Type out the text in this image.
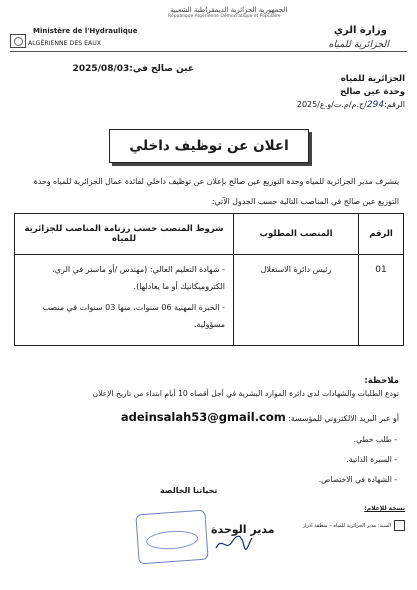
الجمهورية الجزائرية الديمقراطية الشعبية
République Algérienne Démocratique et Populaire
Ministère de l'Hydraulique	وزارة الري
ALGÉRIENNE DES EAUX	الجزائرية للمياه
عين صالح في:2025/08/03
الجزائرية للمياه
وحدة عين صالح
الرقم:294/ج.م/م.ت/و.ع/2025
اعلان عن توظيف داخلي
يتشرف مدير الجزائرية للمياه وحدة التوزيع عين صالح بإعلان عن توظيف داخلي لفائدة عمال الجزائرية للمياه وحدة التوزيع عين صالح في المناصب التالية حسب الجدول الآتي:
الرقم	المنصب المطلوب	شروط المنصب حسب رزنامة المناصب للجزائرية للمياه
01	رئيس دائرة الاستغلال	- شهادة التعليم العالي: (مهندس /أو ماستر في الري، الكتروميكانيك أو ما يعادلها).

- الخبرة المهنية 06 سنوات، منها 03 سنوات في منصب مسؤولية.

ملاحظة:
تودع الطلبات والشهادات لدى دائرة الموارد البشرية في أجل أقصاه 10 أيام ابتداء من تاريخ الإعلان
أو عبر البريد الالكتروني للمؤسسة: adeinsalah53@gmail.com
- طلب خطي.
- السيرة الذاتية.
- الشهادة في الاختصاص.
تحياتنا الخالصة
​
​
مدير الوحدة
نسخة للإعلام:
السيد: مدير الجزائرية للمياه – منطقة ادرار
